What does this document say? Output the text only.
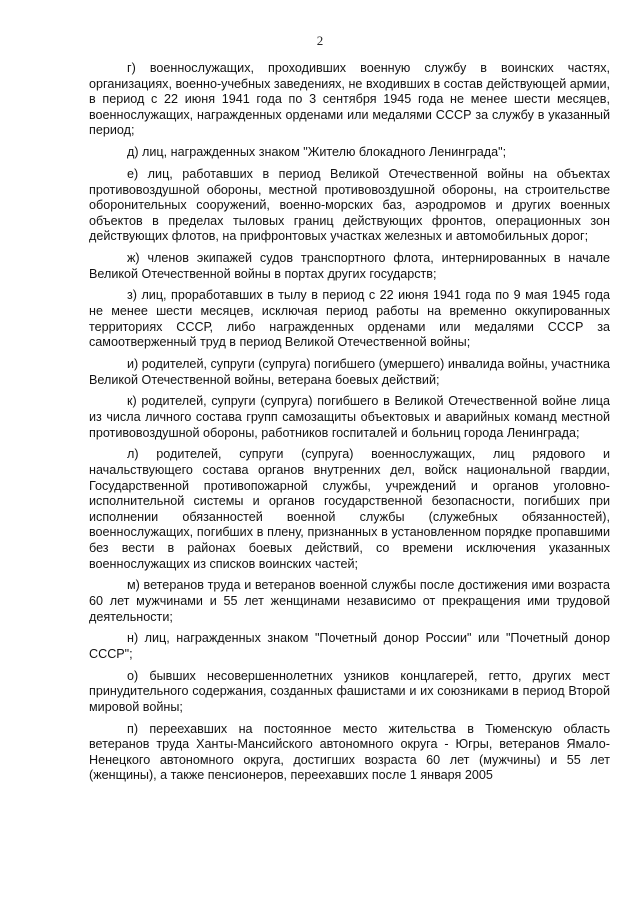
2

г) военнослужащих, проходивших военную службу в воинских частях, организациях, военно-учебных заведениях, не входивших в состав действующей армии, в период с 22 июня 1941 года по 3 сентября 1945 года не менее шести месяцев, военнослужащих, награжденных орденами или медалями СССР за службу в указанный период;

д) лиц, награжденных знаком "Жителю блокадного Ленинграда";

е) лиц, работавших в период Великой Отечественной войны на объектах противовоздушной обороны, местной противовоздушной обороны, на строительстве оборонительных сооружений, военно-морских баз, аэродромов и других военных объектов в пределах тыловых границ действующих фронтов, операционных зон действующих флотов, на прифронтовых участках железных и автомобильных дорог;

ж) членов экипажей судов транспортного флота, интернированных в начале Великой Отечественной войны в портах других государств;

з) лиц, проработавших в тылу в период с 22 июня 1941 года по 9 мая 1945 года не менее шести месяцев, исключая период работы на временно оккупированных территориях СССР, либо награжденных орденами или медалями СССР за самоотверженный труд в период Великой Отечественной войны;

и) родителей, супруги (супруга) погибшего (умершего) инвалида войны, участника Великой Отечественной войны, ветерана боевых действий;

к) родителей, супруги (супруга) погибшего в Великой Отечественной войне лица из числа личного состава групп самозащиты объектовых и аварийных команд местной противовоздушной обороны, работников госпиталей и больниц города Ленинграда;

л) родителей, супруги (супруга) военнослужащих, лиц рядового и начальствующего состава органов внутренних дел, войск национальной гвардии, Государственной противопожарной службы, учреждений и органов уголовно-исполнительной системы и органов государственной безопасности, погибших при исполнении обязанностей военной службы (служебных обязанностей), военнослужащих, погибших в плену, признанных в установленном порядке пропавшими без вести в районах боевых действий, со времени исключения указанных военнослужащих из списков воинских частей;

м) ветеранов труда и ветеранов военной службы после достижения ими возраста 60 лет мужчинами и 55 лет женщинами независимо от прекращения ими трудовой деятельности;

н) лиц, награжденных знаком "Почетный донор России" или "Почетный донор СССР";

о) бывших несовершеннолетних узников концлагерей, гетто, других мест принудительного содержания, созданных фашистами и их союзниками в период Второй мировой войны;

п) переехавших на постоянное место жительства в Тюменскую область ветеранов труда Ханты-Мансийского автономного округа - Югры, ветеранов Ямало-Ненецкого автономного округа, достигших возраста 60 лет (мужчины) и 55 лет (женщины), а также пенсионеров, переехавших после 1 января 2005
